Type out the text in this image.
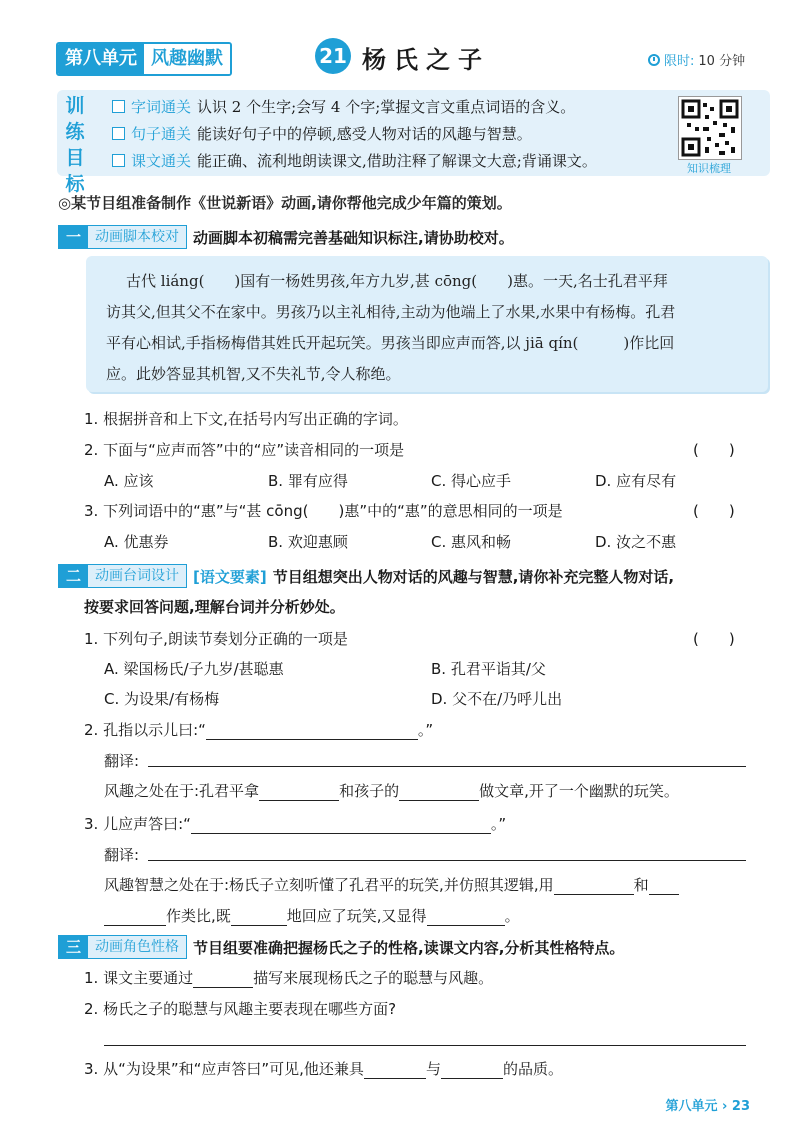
第八单元 风趣幽默	21 杨氏之子	限时: 10 分钟
训
练
目
标
字词通关 认识 2 个生字;会写 4 个字;掌握文言文重点词语的含义。
句子通关 能读好句子中的停顿,感受人物对话的风趣与智慧。
课文通关 能正确、流利地朗读课文,借助注释了解课文大意;背诵课文。	知识梳理
◎某节目组准备制作《世说新语》动画,请你帮他完成少年篇的策划。
一	动画脚本校对 动画脚本初稿需完善基础知识标注,请协助校对。
古代 liáng(　　)国有一杨姓男孩,年方九岁,甚 cōng(　　)惠。一天,名士孔君平拜
访其父,但其父不在家中。男孩乃以主礼相待,主动为他端上了水果,水果中有杨梅。孔君
平有心相试,手指杨梅借其姓氏开起玩笑。男孩当即应声而答,以 jiā qín(　　　)作比回
应。此妙答显其机智,又不失礼节,令人称绝。
1. 根据拼音和上下文,在括号内写出正确的字词。
2. 下面与“应声而答”中的“应”读音相同的一项是	(　　)
A. 应该	B. 罪有应得	C. 得心应手	D. 应有尽有
3. 下列词语中的“惠”与“甚 cōng(　　)惠”中的“惠”的意思相同的一项是	(　　)
A. 优惠券	B. 欢迎惠顾	C. 惠风和畅	D. 汝之不惠
二	动画台词设计 [语文要素] 节目组想突出人物对话的风趣与智慧,请你补充完整人物对话,
按要求回答问题,理解台词并分析妙处。
1. 下列句子,朗读节奏划分正确的一项是	(　　)
A. 梁国杨氏/子九岁/甚聪惠	B. 孔君平诣其/父
C. 为设果/有杨梅	D. 父不在/乃呼儿出
2. 孔指以示儿曰:“	。”
翻译:
风趣之处在于:孔君平拿	和孩子的	做文章,开了一个幽默的玩笑。
3. 儿应声答曰:“	。”
翻译:
风趣智慧之处在于:杨氏子立刻听懂了孔君平的玩笑,并仿照其逻辑,用	和
作类比,既	地回应了玩笑,又显得	。
三	动画角色性格 节目组要准确把握杨氏之子的性格,读课文内容,分析其性格特点。
1. 课文主要通过	描写来展现杨氏之子的聪慧与风趣。
2. 杨氏之子的聪慧与风趣主要表现在哪些方面?
3. 从“为设果”和“应声答曰”可见,他还兼具	与	的品质。
第八单元 › 23
